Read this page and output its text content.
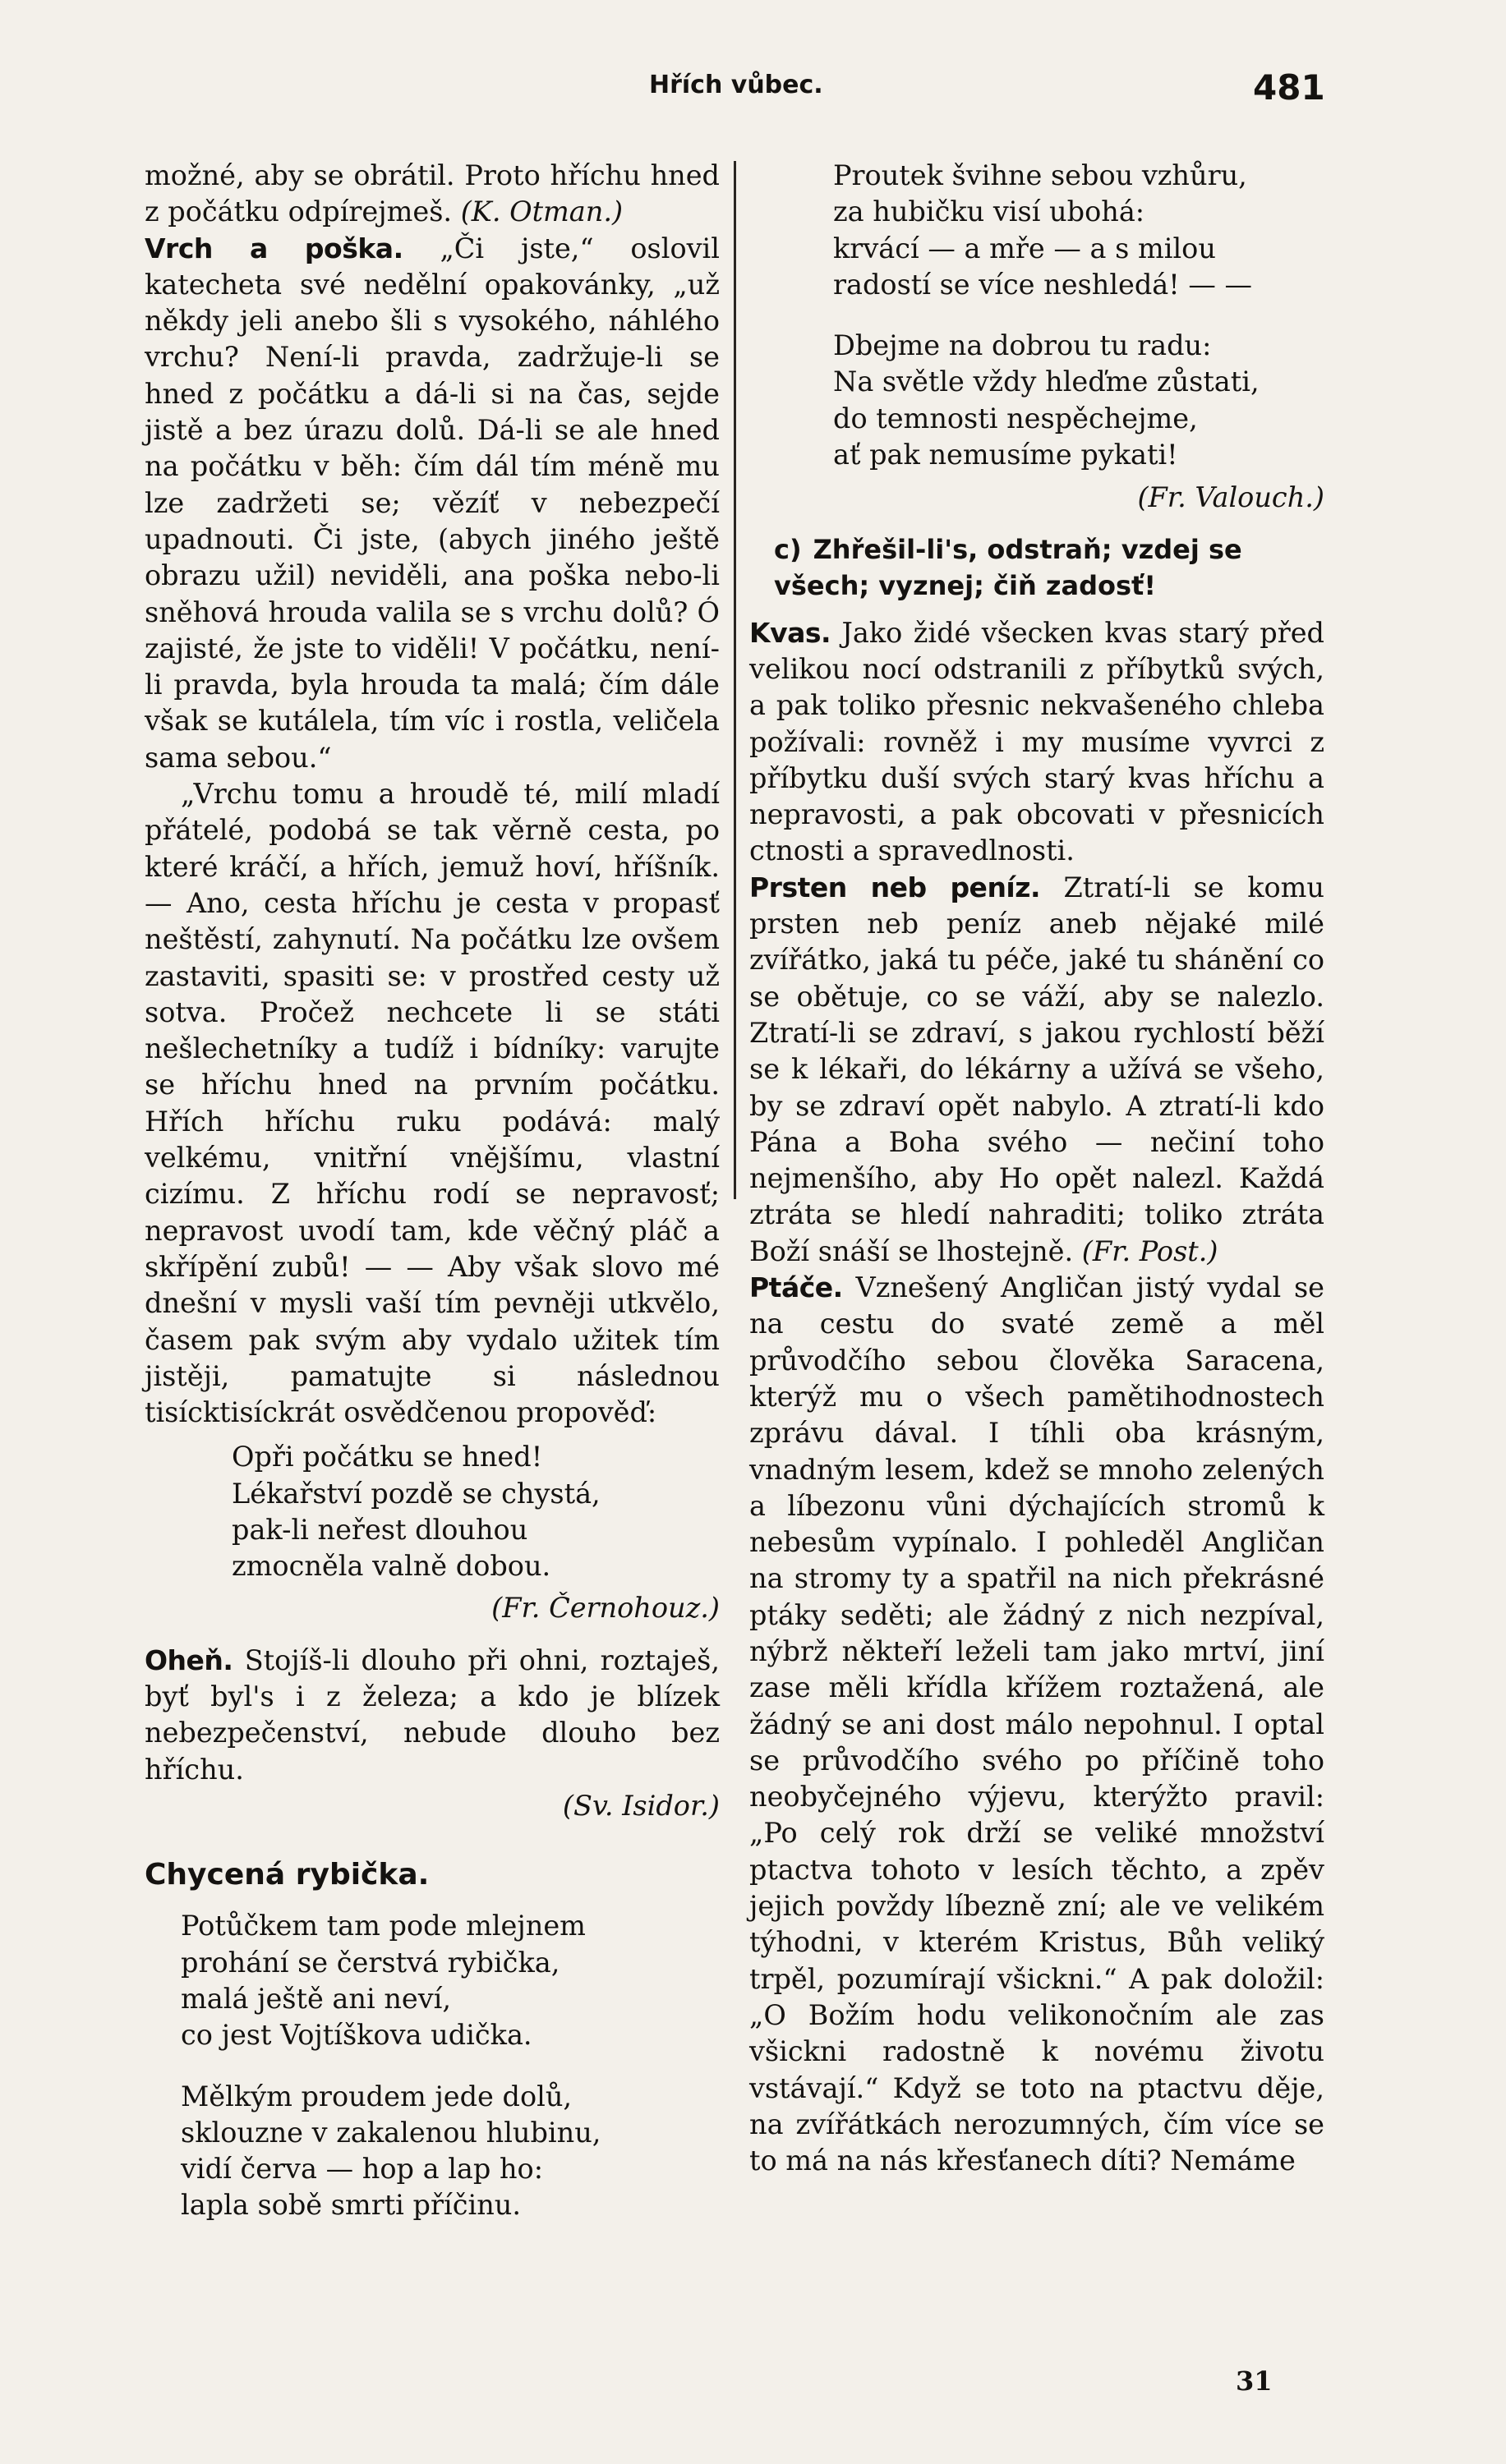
Hřích vůbec.	481

možné, aby se obrátil. Proto hříchu hned z počátku odpírejmeš. (K. Otman.)

Vrch a poška. „Či jste,“ oslovil katecheta své nedělní opakovánky, „už někdy jeli anebo šli s vysokého, náhlého vrchu? Není-li pravda, zadržuje-li se hned z počátku a dá-li si na čas, sejde jistě a bez úrazu dolů. Dá-li se ale hned na počátku v běh: čím dál tím méně mu lze zadržeti se; vězíť v nebezpečí upadnouti. Či jste, (abych jiného ještě obrazu užil) neviděli, ana poška nebo-li sněhová hrouda valila se s vrchu dolů? Ó zajisté, že jste to viděli! V počátku, není-li pravda, byla hrouda ta malá; čím dále však se kutálela, tím víc i rostla, veličela sama sebou.“

„Vrchu tomu a hroudě té, milí mladí přátelé, podobá se tak věrně cesta, po které kráčí, a hřích, jemuž hoví, hříšník. — Ano, cesta hříchu je cesta v propasť neštěstí, zahynutí. Na počátku lze ovšem zastaviti, spasiti se: v prostřed cesty už sotva. Pročež nechcete li se státi nešlechetníky a tudíž i bídníky: varujte se hříchu hned na prvním počátku. Hřích hříchu ruku podává: malý velkému, vnitřní vnějšímu, vlastní cizímu. Z hříchu rodí se nepravosť; nepravost uvodí tam, kde věčný pláč a skřípění zubů! — — Aby však slovo mé dnešní v mysli vaší tím pevněji utkvělo, časem pak svým aby vydalo užitek tím jistěji, pamatujte si následnou tisícktisíckrát osvědčenou propověď:

Opři počátku se hned!
Lékařství pozdě se chystá,
pak-li neřest dlouhou
zmocněla valně dobou.
(Fr. Černohouz.)

Oheň. Stojíš-li dlouho při ohni, roztaješ, byť byl's i z železa; a kdo je blízek nebezpečenství, nebude dlouho bez hříchu.

(Sv. Isidor.)
Chycená rybička.
Potůčkem tam pode mlejnem
prohání se čerstvá rybička,
malá ještě ani neví,
co jest Vojtíškova udička.
Mělkým proudem jede dolů,
sklouzne v zakalenou hlubinu,
vidí červa — hop a lap ho:
lapla sobě smrti příčinu.
Proutek švihne sebou vzhůru,
za hubičku visí ubohá:
krvácí — a mře — a s milou
radostí se více neshledá! — —
Dbejme na dobrou tu radu:
Na světle vždy hleďme zůstati,
do temnosti nespěchejme,
ať pak nemusíme pykati!
(Fr. Valouch.)
c) Zhřešil-li's, odstraň; vzdej se všech; vyznej; čiň zadosť!

Kvas. Jako židé všecken kvas starý před velikou nocí odstranili z příbytků svých, a pak toliko přesnic nekvašeného chleba požívali: rovněž i my musíme vyvrci z příbytku duší svých starý kvas hříchu a nepravosti, a pak obcovati v přesnicích ctnosti a spravedlnosti.

Prsten neb peníz. Ztratí-li se komu prsten neb peníz aneb nějaké milé zvířátko, jaká tu péče, jaké tu shánění co se obětuje, co se váží, aby se nalezlo. Ztratí-li se zdraví, s jakou rychlostí běží se k lékaři, do lékárny a užívá se všeho, by se zdraví opět nabylo. A ztratí-li kdo Pána a Boha svého — nečiní toho nejmenšího, aby Ho opět nalezl. Každá ztráta se hledí nahraditi; toliko ztráta Boží snáší se lhostejně. (Fr. Post.)

Ptáče. Vznešený Angličan jistý vydal se na cestu do svaté země a měl průvodčího sebou člověka Saracena, kterýž mu o všech pamětihodnostech zprávu dával. I tíhli oba krásným, vnadným lesem, kdež se mnoho zelených a líbezonu vůni dýchajících stromů k nebesům vypínalo. I pohleděl Angličan na stromy ty a spatřil na nich překrásné ptáky seděti; ale žádný z nich nezpíval, nýbrž někteří leželi tam jako mrtví, jiní zase měli křídla křížem roztažená, ale žádný se ani dost málo nepohnul. I optal se průvodčího svého po příčině toho neobyčejného výjevu, kterýžto pravil: „Po celý rok drží se veliké množství ptactva tohoto v lesích těchto, a zpěv jejich povždy líbezně zní; ale ve velikém týhodni, v kterém Kristus, Bůh veliký trpěl, pozumírají všickni.“ A pak doložil: „O Božím hodu velikonočním ale zas všickni radostně k novému životu vstávají.“ Když se toto na ptactvu děje, na zvířátkách nerozumných, čím více se to má na nás křesťanech díti? Nemáme

31
